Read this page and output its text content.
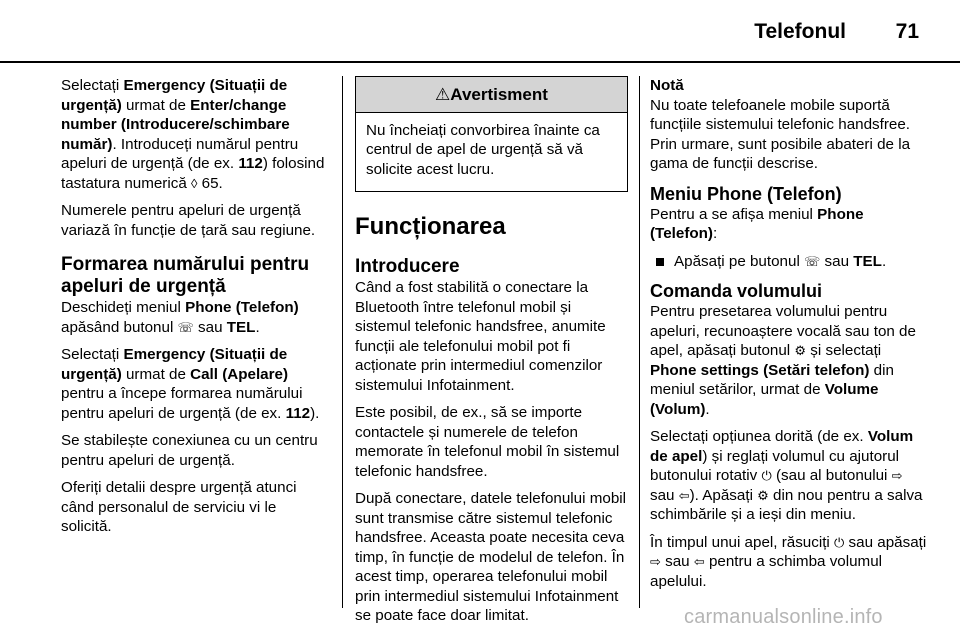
Telefonul 71

Selectați Emergency (Situații de urgență) urmat de Enter/change number (Introducere/schimbare număr). Introduceți numărul pentru apeluri de urgență (de ex. 112) folosind tastatura numerică ◊ 65.

Numerele pentru apeluri de urgență variază în funcție de țară sau regiune.

Formarea numărului pentru apeluri de urgență

Deschideți meniul Phone (Telefon) apăsând butonul ☏ sau TEL.

Selectați Emergency (Situații de urgență) urmat de Call (Apelare) pentru a începe formarea numărului pentru apeluri de urgență (de ex. 112).

Se stabilește conexiunea cu un centru pentru apeluri de urgență.

Oferiți detalii despre urgență atunci când personalul de serviciu vi le solicită.

⚠Avertisment
Nu încheiați convorbirea înainte ca centrul de apel de urgență să vă solicite acest lucru.
Funcționarea
Introducere

Când a fost stabilită o conectare la Bluetooth între telefonul mobil și sistemul telefonic handsfree, anumite funcții ale telefonului mobil pot fi acționate prin intermediul comenzilor sistemului Infotainment.

Este posibil, de ex., să se importe contactele și numerele de telefon memorate în telefonul mobil în sistemul telefonic handsfree.

După conectare, datele telefonului mobil sunt transmise către sistemul telefonic handsfree. Aceasta poate necesita ceva timp, în funcție de modelul de telefon. În acest timp, operarea telefonului mobil prin intermediul sistemului Infotainment se poate face doar limitat.

Notă

Nu toate telefoanele mobile suportă funcțiile sistemului telefonic handsfree. Prin urmare, sunt posibile abateri de la gama de funcții descrise.

Meniu Phone (Telefon)

Pentru a se afișa meniul Phone (Telefon):

Apăsați pe butonul ☏ sau TEL.

Comanda volumului

Pentru presetarea volumului pentru apeluri, recunoaștere vocală sau ton de apel, apăsați butonul ⚙ și selectați Phone settings (Setări telefon) din meniul setărilor, urmat de Volume (Volum).

Selectați opțiunea dorită (de ex. Volum de apel) și reglați volumul cu ajutorul butonului rotativ ⏻ (sau al butonului ⇨ sau ⇦). Apăsați ⚙ din nou pentru a salva schimbările și a ieși din meniu.

În timpul unui apel, răsuciți ⏻ sau apăsați ⇨ sau ⇦ pentru a schimba volumul apelului.

carmanualsonline.info
